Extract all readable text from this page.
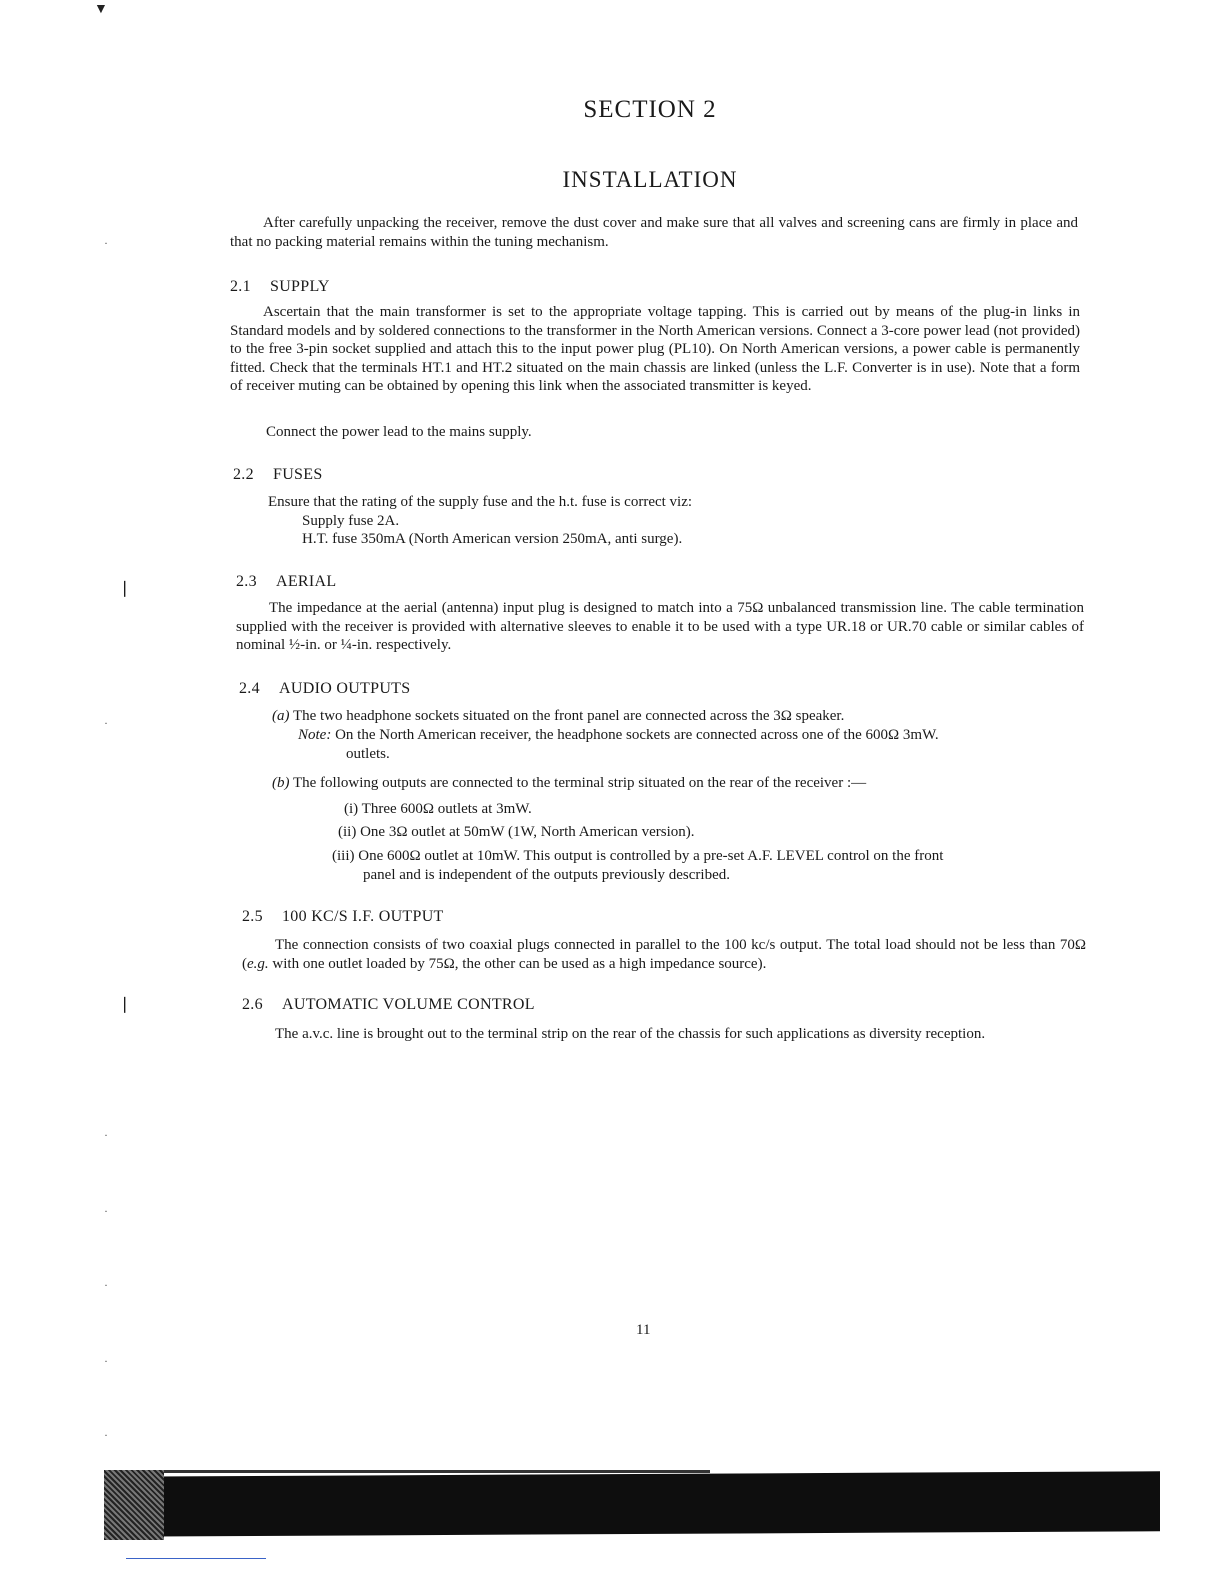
▼
SECTION 2
INSTALLATION
After carefully unpacking the receiver, remove the dust cover and make sure that all valves and screening cans are firmly in place and that no packing material remains within the tuning mechanism.
2.1 SUPPLY
Ascertain that the main transformer is set to the appropriate voltage tapping. This is carried out by means of the plug-in links in Standard models and by soldered connections to the transformer in the North American versions. Connect a 3-core power lead (not provided) to the free 3-pin socket supplied and attach this to the input power plug (PL10). On North American versions, a power cable is permanently fitted. Check that the terminals HT.1 and HT.2 situated on the main chassis are linked (unless the L.F. Converter is in use). Note that a form of receiver muting can be obtained by opening this link when the associated transmitter is keyed.
Connect the power lead to the mains supply.
2.2 FUSES
Ensure that the rating of the supply fuse and the h.t. fuse is correct viz:
Supply fuse 2A.
H.T. fuse 350mA (North American version 250mA, anti surge).
2.3 AERIAL
The impedance at the aerial (antenna) input plug is designed to match into a 75Ω unbalanced transmission line. The cable termination supplied with the receiver is provided with alternative sleeves to enable it to be used with a type UR.18 or UR.70 cable or similar cables of nominal ½-in. or ¼-in. respectively.
2.4 AUDIO OUTPUTS
(a) The two headphone sockets situated on the front panel are connected across the 3Ω speaker.
Note: On the North American receiver, the headphone sockets are connected across one of the 600Ω 3mW.
outlets.
(b) The following outputs are connected to the terminal strip situated on the rear of the receiver :—
(i) Three 600Ω outlets at 3mW.
(ii) One 3Ω outlet at 50mW (1W, North American version).
(iii) One 600Ω outlet at 10mW. This output is controlled by a pre-set A.F. LEVEL control on the front
panel and is independent of the outputs previously described.
2.5 100 KC/S I.F. OUTPUT
The connection consists of two coaxial plugs connected in parallel to the 100 kc/s output. The total load should not be less than 70Ω (e.g. with one outlet loaded by 75Ω, the other can be used as a high impedance source).
2.6 AUTOMATIC VOLUME CONTROL
The a.v.c. line is brought out to the terminal strip on the rear of the chassis for such applications as diversity reception.
11
❘
❘
·
·
·
·
·
·
·
